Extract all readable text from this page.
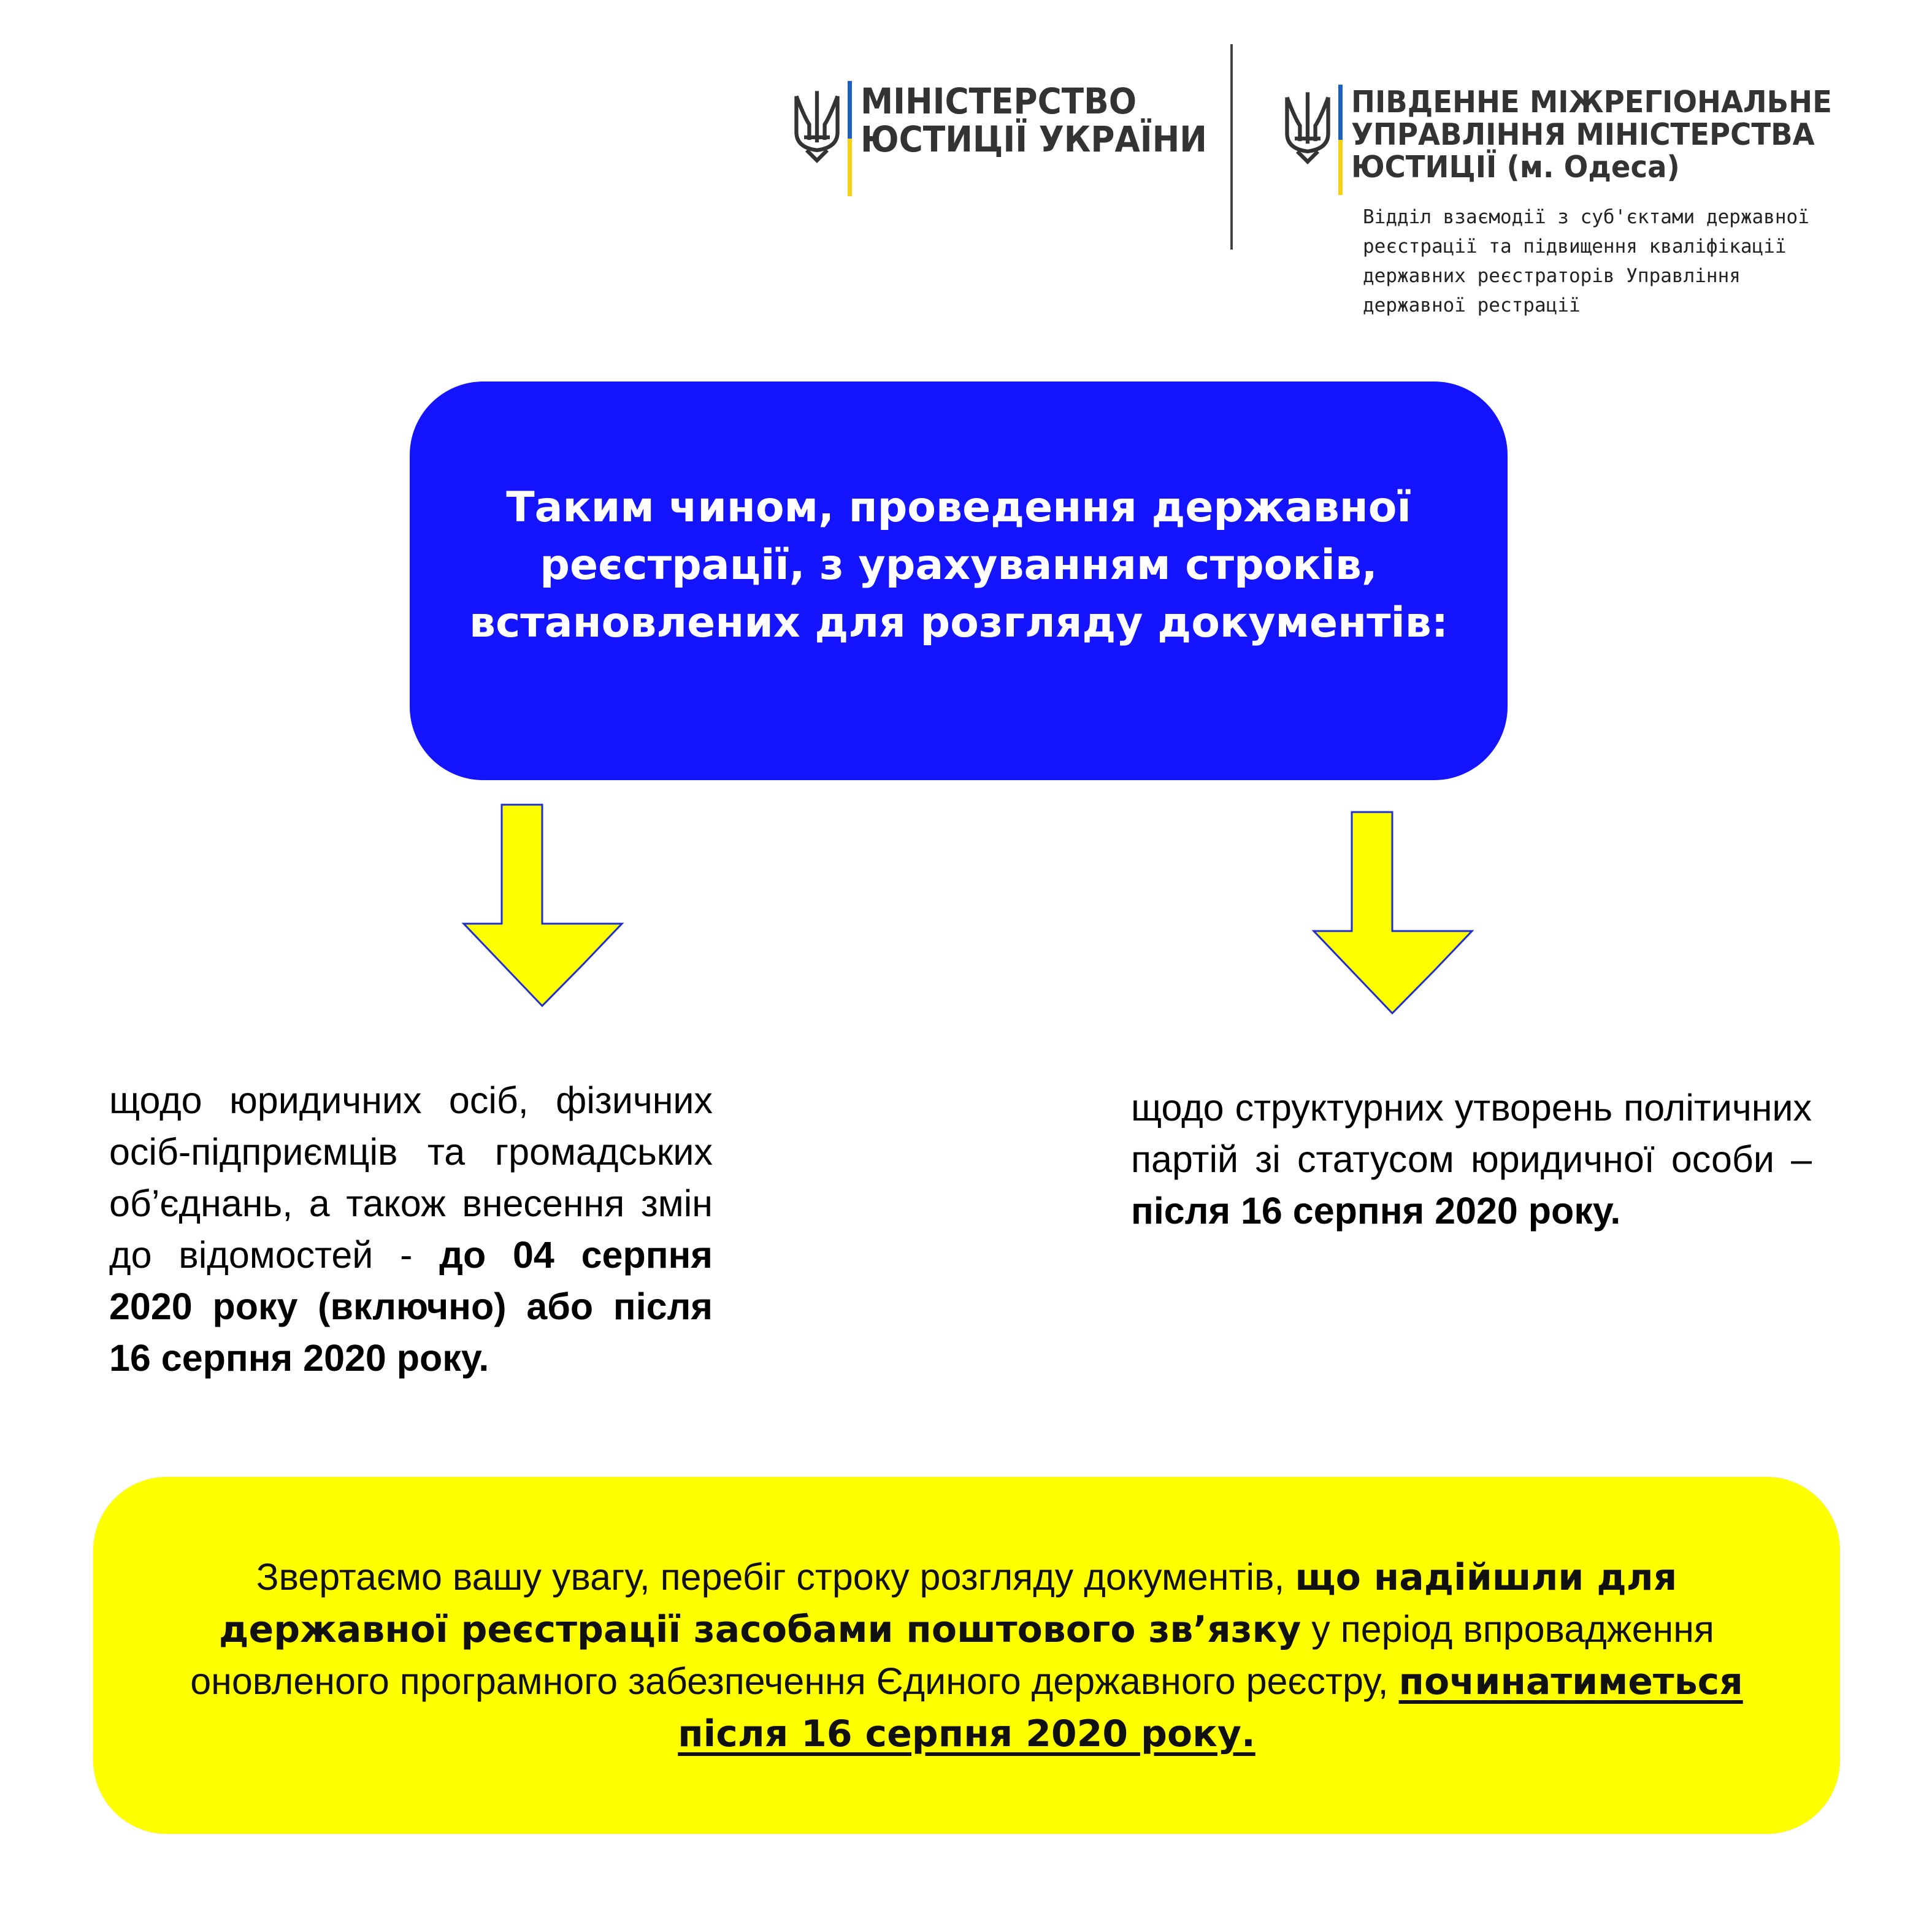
МІНІСТЕРСТВО
ЮСТИЦІЇ УКРАЇНИ
ПІВДЕННЕ МІЖРЕГІОНАЛЬНЕ
УПРАВЛІННЯ МІНІСТЕРСТВА
ЮСТИЦІЇ (м. Одеса)
Відділ взаємодії з суб'єктами державної
реєстрації та підвищення кваліфікації
державних реєстраторів Управління
державної рестрації

Таким чином, проведення державної реєстрації, з урахуванням строків, встановлених для розгляду документів:

щодо юридичних осіб, фізичних осіб-підприємців та громадських об’єднань, а також внесення змін до відомостей - до 04 серпня 2020 року (включно) або після 16 серпня 2020 року.

щодо структурних утворень політичних партій зі статусом юридичної особи – після 16 серпня 2020 року.

Звертаємо вашу увагу, перебіг строку розгляду документів, що надійшли для державної реєстрації засобами поштового зв’язку у період впровадження оновленого програмного забезпечення Єдиного державного реєстру, починатиметься після 16 серпня 2020 року.
